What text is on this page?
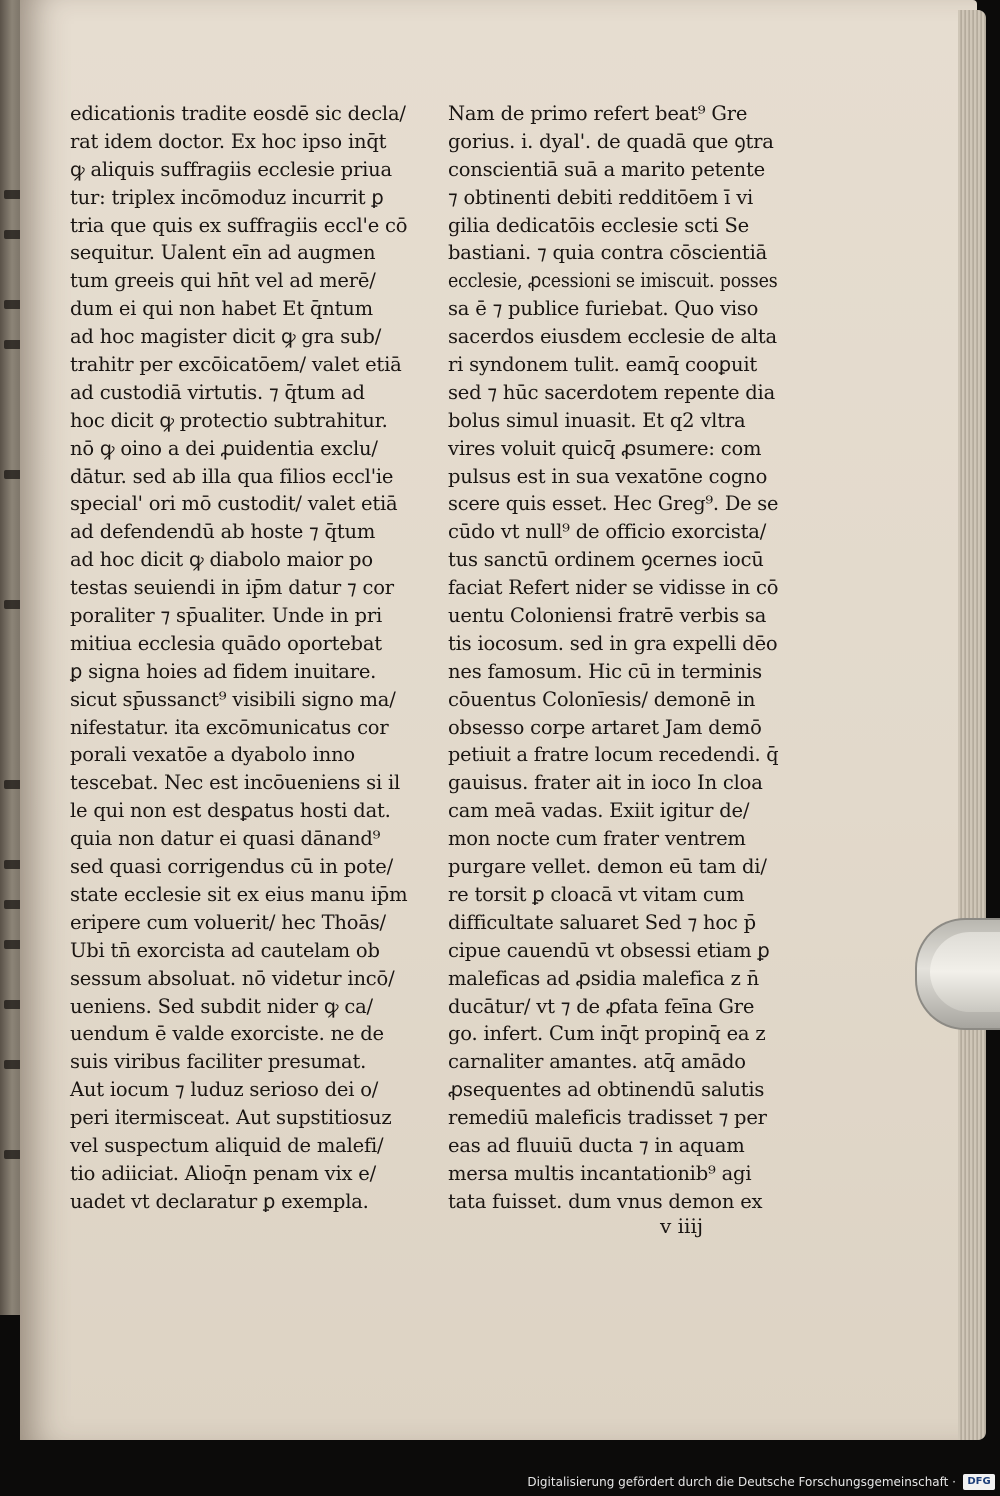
edicationis tradite eosdē sic decla/
rat idem doctor. Ex hoc ipso inq̄t
ꝙ aliquis suffragiis ecclesie priua
tur: triplex incōmoduz incurrit ꝑ
tria que quis ex suffragiis eccl'e cō
sequitur. Ualent eīn ad augmen
tum greeis qui hn̄t vel ad merē/
dum ei qui non habet Et q̄ntum
ad hoc magister dicit ꝙ gra sub/
trahitr per excōicatōem/ valet etiā
ad custodiā virtutis. ⁊ q̄tum ad
hoc dicit ꝙ protectio subtrahitur.
nō ꝙ oino a dei ꝓuidentia exclu/
dātur. sed ab illa qua filios eccl'ie
special' ori mō custodit/ valet etiā
ad defendendū ab hoste ⁊ q̄tum
ad hoc dicit ꝙ diabolo maior po
testas seuiendi in ip̄m datur ⁊ cor
poraliter ⁊ sp̄ualiter. Unde in pri
mitiua ecclesia quādo oportebat
ꝑ signa hoies ad fidem inuitare.
sicut sp̄ussanct⁹ visibili signo ma/
nifestatur. ita excōmunicatus cor
porali vexatōe a dyabolo inno
tescebat. Nec est incōueniens si il
le qui non est desꝑatus hosti dat.
quia non datur ei quasi dānand⁹
sed quasi corrigendus cū in pote/
state ecclesie sit ex eius manu ip̄m
eripere cum voluerit/ hec Thoās/
Ubi tn̄ exorcista ad cautelam ob
sessum absoluat. nō videtur incō/
ueniens. Sed subdit nider ꝙ ca/
uendum ē valde exorciste. ne de
suis viribus faciliter presumat.
Aut iocum ⁊ luduz serioso dei o/
peri itermisceat. Aut supstitiosuz
vel suspectum aliquid de malefi/
tio adiiciat. Alioq̄n penam vix e/
uadet vt declaratur ꝑ exempla.
Nam de primo refert beat⁹ Gre
gorius. i. dyal'. de quadā que ꝯtra
conscientiā suā a marito petente
⁊ obtinenti debiti redditōem ī vi
gilia dedicatōis ecclesie scti Se
bastiani. ⁊ quia contra cōscientiā
ecclesie, ꝓcessioni se imiscuit. posses
sa ē ⁊ publice furiebat. Quo viso
sacerdos eiusdem ecclesie de alta
ri syndonem tulit. eamq̄ cooꝑuit
sed ⁊ hūc sacerdotem repente dia
bolus simul inuasit. Et q2 vltra
vires voluit quicq̄ ꝓsumere: com
pulsus est in sua vexatōne cogno
scere quis esset. Hec Greg⁹. De se
cūdo vt null⁹ de officio exorcista/
tus sanctū ordinem ꝯcernes iocū
faciat Refert nider se vidisse in cō
uentu Coloniensi fratrē verbis sa
tis iocosum. sed in gra expelli dēo
nes famosum. Hic cū in terminis
cōuentus Colonīesis/ demonē in
obsesso corpe artaret Jam demō
petiuit a fratre locum recedendi. q̄
gauisus. frater ait in ioco In cloa
cam meā vadas. Exiit igitur de/
mon nocte cum frater ventrem
purgare vellet. demon eū tam di/
re torsit ꝑ cloacā vt vitam cum
difficultate saluaret Sed ⁊ hoc p̄
cipue cauendū vt obsessi etiam ꝑ
maleficas ad ꝓsidia malefica z n̄
ducātur/ vt ⁊ de ꝓfata feīna Gre
go. infert. Cum inq̄t propinq̄ ea z
carnaliter amantes. atq̄ amādo
ꝓsequentes ad obtinendū salutis
remediū maleficis tradisset ⁊ per
eas ad fluuiū ducta ⁊ in aquam
mersa multis incantationib⁹ agi
tata fuisset. dum vnus demon ex
v iiij
Digitalisierung gefördert durch die Deutsche Forschungsgemeinschaft ·	DFG
